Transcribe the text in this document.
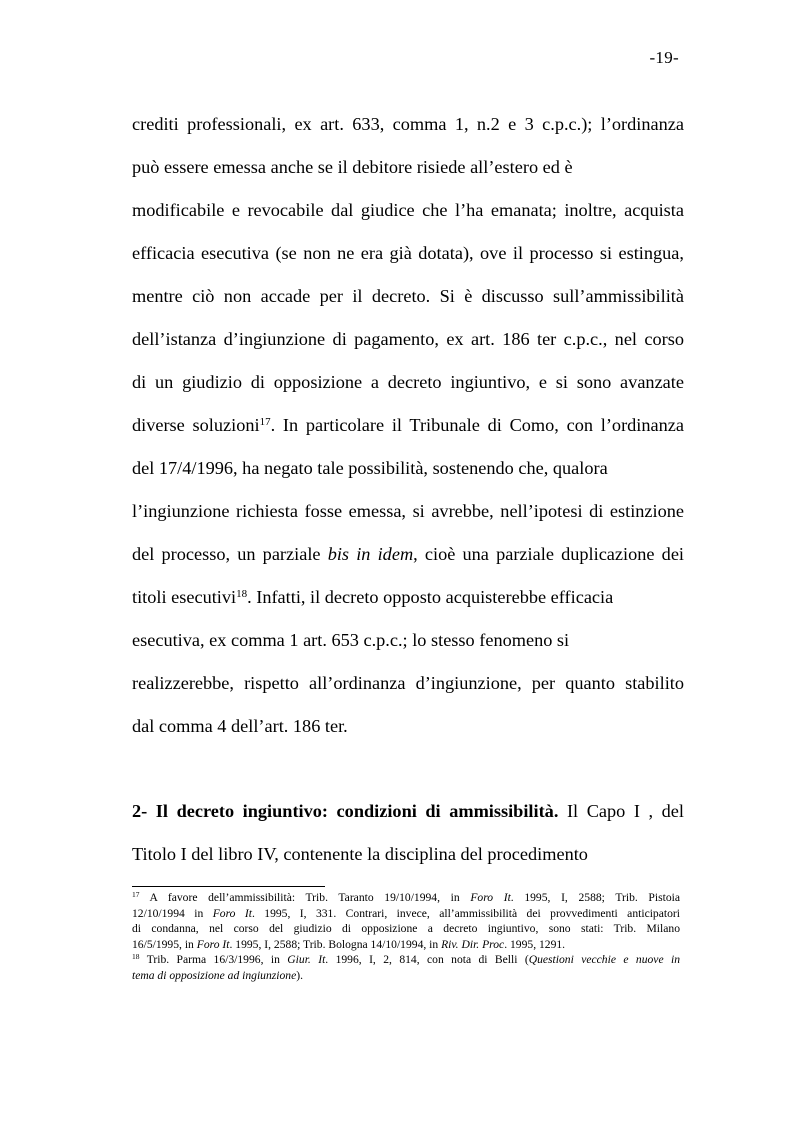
-19-
crediti professionali, ex art. 633, comma 1, n.2 e 3 c.p.c.); l’ordinanza
può essere emessa anche se il debitore risiede all’estero ed è
modificabile e revocabile dal giudice che l’ha emanata; inoltre, acquista
efficacia esecutiva (se non ne era già dotata), ove il processo si estingua,
mentre ciò non accade per il decreto. Si è discusso sull’ammissibilità
dell’istanza d’ingiunzione di pagamento, ex art. 186 ter c.p.c., nel corso
di un giudizio di opposizione a decreto ingiuntivo, e si sono avanzate
diverse soluzioni$^{17}$. In particolare il Tribunale di Como, con l’ordinanza
del 17/4/1996, ha negato tale possibilità, sostenendo che, qualora
l’ingiunzione richiesta fosse emessa, si avrebbe, nell’ipotesi di estinzione
del processo, un parziale bis in idem, cioè una parziale duplicazione dei
titoli esecutivi$^{18}$. Infatti, il decreto opposto acquisterebbe efficacia
esecutiva, ex comma 1 art. 653 c.p.c.; lo stesso fenomeno si
realizzerebbe, rispetto all’ordinanza d’ingiunzione, per quanto stabilito
dal comma 4 dell’art. 186 ter.
2- Il decreto ingiuntivo: condizioni di ammissibilità. Il Capo I , del
Titolo I del libro IV, contenente la disciplina del procedimento
$^{17}$ A favore dell’ammissibilità: Trib. Taranto 19/10/1994, in Foro It. 1995, I, 2588; Trib. Pistoia
12/10/1994 in Foro It. 1995, I, 331. Contrari, invece, all’ammissibilità dei provvedimenti anticipatori
di condanna, nel corso del giudizio di opposizione a decreto ingiuntivo, sono stati: Trib. Milano
16/5/1995, in Foro It. 1995, I, 2588; Trib. Bologna 14/10/1994, in Riv. Dir. Proc. 1995, 1291.
$^{18}$ Trib. Parma 16/3/1996, in Giur. It. 1996, I, 2, 814, con nota di Belli (Questioni vecchie e nuove in
tema di opposizione ad ingiunzione).
